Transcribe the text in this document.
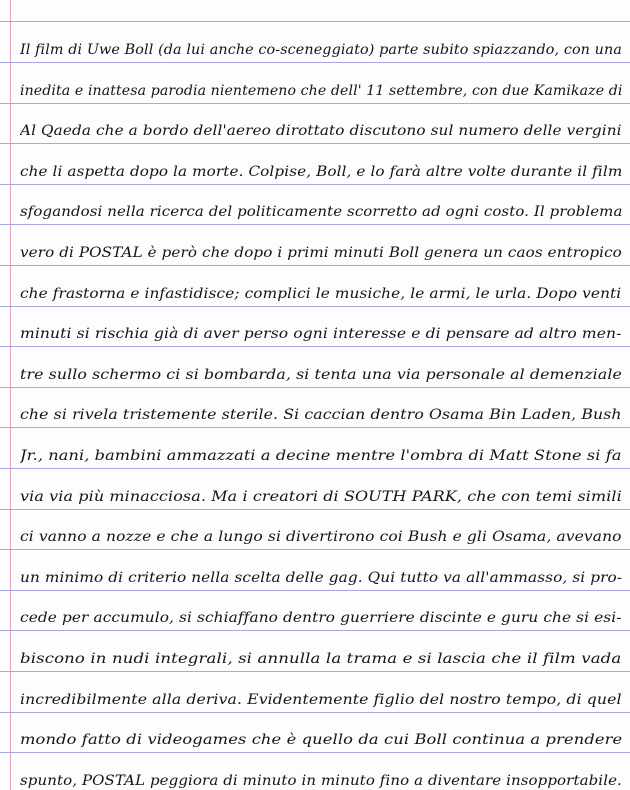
Il film di Uwe Boll (da lui anche co-sceneggiato) parte subito spiazzando, con una
inedita e inattesa parodia nientemeno che dell' 11 settembre, con due Kamikaze di
Al Qaeda che a bordo dell'aereo dirottato discutono sul numero delle vergini
che li aspetta dopo la morte. Colpise, Boll, e lo farà altre volte durante il film
sfogandosi nella ricerca del politicamente scorretto ad ogni costo. Il problema
vero di POSTAL è però che dopo i primi minuti Boll genera un caos entropico
che frastorna e infastidisce; complici le musiche, le armi, le urla. Dopo venti
minuti si rischia già di aver perso ogni interesse e di pensare ad altro men-
tre sullo schermo ci si bombarda, si tenta una via personale al demenziale
che si rivela tristemente sterile. Si caccian dentro Osama Bin Laden, Bush
Jr., nani, bambini ammazzati a decine mentre l'ombra di Matt Stone si fa
via via più minacciosa. Ma i creatori di SOUTH PARK, che con temi simili
ci vanno a nozze e che a lungo si divertirono coi Bush e gli Osama, avevano
un minimo di criterio nella scelta delle gag. Qui tutto va all'ammasso, si pro-
cede per accumulo, si schiaffano dentro guerriere discinte e guru che si esi-
biscono in nudi integrali, si annulla la trama e si lascia che il film vada
incredibilmente alla deriva. Evidentemente figlio del nostro tempo, di quel
mondo fatto di videogames che è quello da cui Boll continua a prendere
spunto, POSTAL peggiora di minuto in minuto fino a diventare insopportabile.
